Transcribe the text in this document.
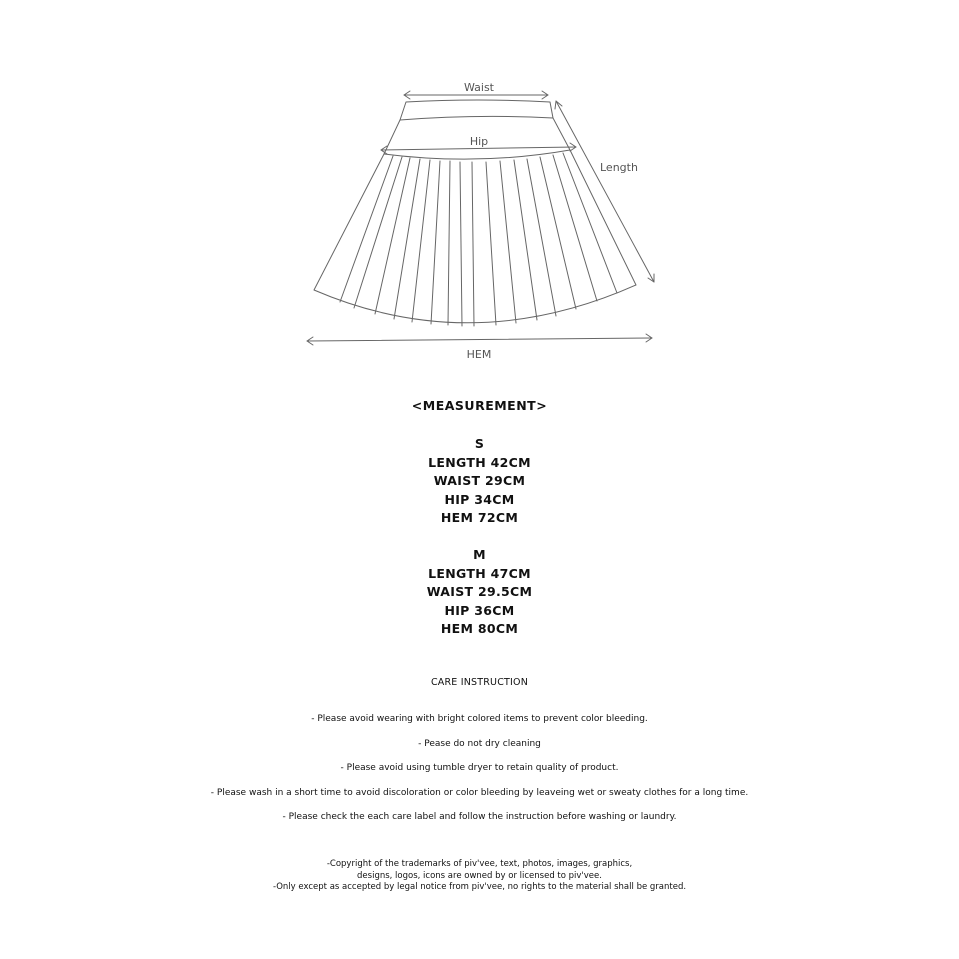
Waist
Hip
Length
HEM
<MEASUREMENT>
S
LENGTH 42CM
WAIST 29CM
HIP 34CM
HEM 72CM
M
LENGTH 47CM
WAIST 29.5CM
HIP 36CM
HEM 80CM
CARE INSTRUCTION
- Please avoid wearing with bright colored items to prevent color bleeding.
- Pease do not dry cleaning
- Please avoid using tumble dryer to retain quality of product.
- Please wash in a short time to avoid discoloration or color bleeding by leaveing wet or sweaty clothes for a long time.
- Please check the each care label and follow the instruction before washing or laundry.
-Copyright of the trademarks of piv'vee, text, photos, images, graphics,
designs, logos, icons are owned by or licensed to piv'vee.
-Only except as accepted by legal notice from piv'vee, no rights to the material shall be granted.
